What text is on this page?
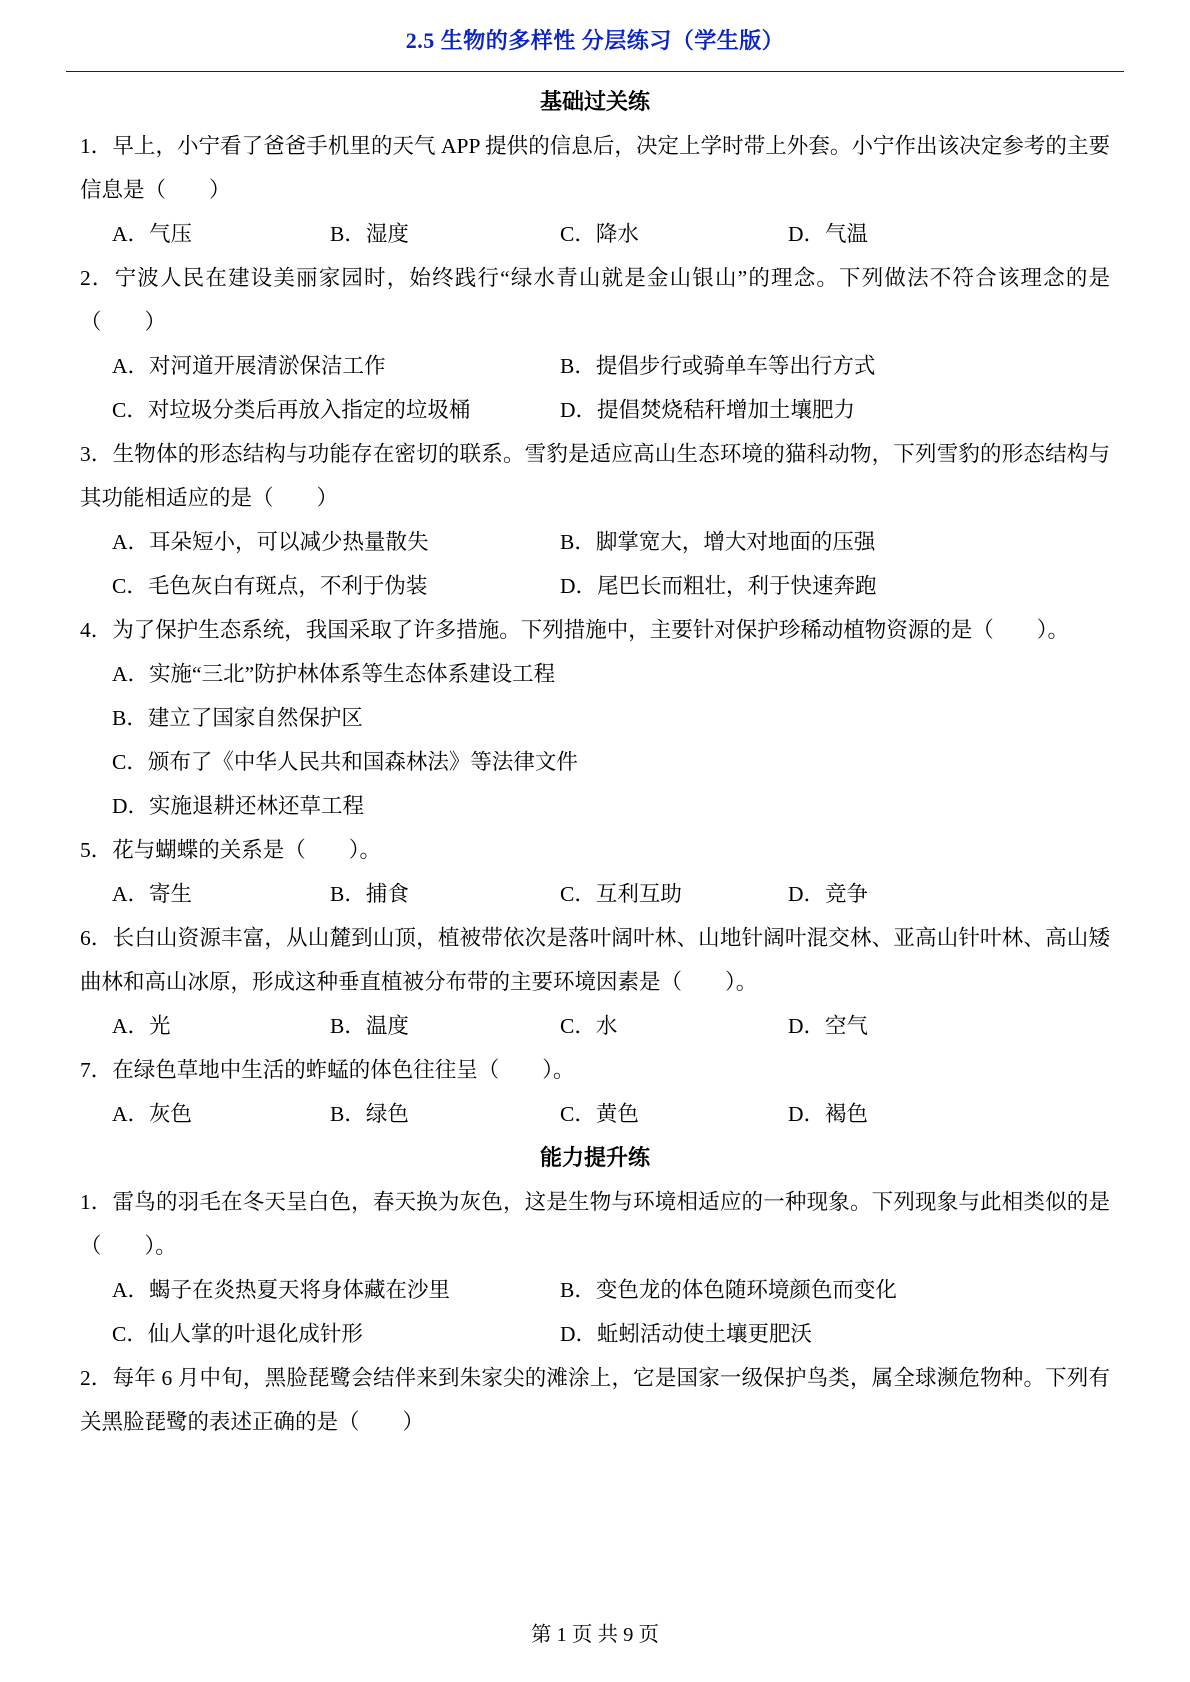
2.5 生物的多样性 分层练习（学生版）
基础过关练
1．早上，小宁看了爸爸手机里的天气 APP 提供的信息后，决定上学时带上外套。小宁作出该决定参考的主要信息是（　　）
A．气压	B．湿度	C．降水	D．气温
2．宁波人民在建设美丽家园时，始终践行“绿水青山就是金山银山”的理念。下列做法不符合该理念的是（　　）
A．对河道开展清淤保洁工作	B．提倡步行或骑单车等出行方式
C．对垃圾分类后再放入指定的垃圾桶	D．提倡焚烧秸秆增加土壤肥力
3．生物体的形态结构与功能存在密切的联系。雪豹是适应高山生态环境的猫科动物，下列雪豹的形态结构与其功能相适应的是（　　）
A．耳朵短小，可以减少热量散失	B．脚掌宽大，增大对地面的压强
C．毛色灰白有斑点，不利于伪装	D．尾巴长而粗壮，利于快速奔跑
4．为了保护生态系统，我国采取了许多措施。下列措施中，主要针对保护珍稀动植物资源的是（　　）。
A．实施“三北”防护林体系等生态体系建设工程
B．建立了国家自然保护区
C．颁布了《中华人民共和国森林法》等法律文件
D．实施退耕还林还草工程
5．花与蝴蝶的关系是（　　）。
A．寄生	B．捕食	C．互利互助	D．竞争
6．长白山资源丰富，从山麓到山顶，植被带依次是落叶阔叶林、山地针阔叶混交林、亚高山针叶林、高山矮曲林和高山冰原，形成这种垂直植被分布带的主要环境因素是（　　）。
A．光	B．温度	C．水	D．空气
7．在绿色草地中生活的蚱蜢的体色往往呈（　　）。
A．灰色	B．绿色	C．黄色	D．褐色
能力提升练
1．雷鸟的羽毛在冬天呈白色，春天换为灰色，这是生物与环境相适应的一种现象。下列现象与此相类似的是（　　）。
A．蝎子在炎热夏天将身体藏在沙里	B．变色龙的体色随环境颜色而变化
C．仙人掌的叶退化成针形	D．蚯蚓活动使土壤更肥沃
2．每年 6 月中旬，黑脸琵鹭会结伴来到朱家尖的滩涂上，它是国家一级保护鸟类，属全球濒危物种。下列有关黑脸琵鹭的表述正确的是（　　）
第 1 页 共 9 页
